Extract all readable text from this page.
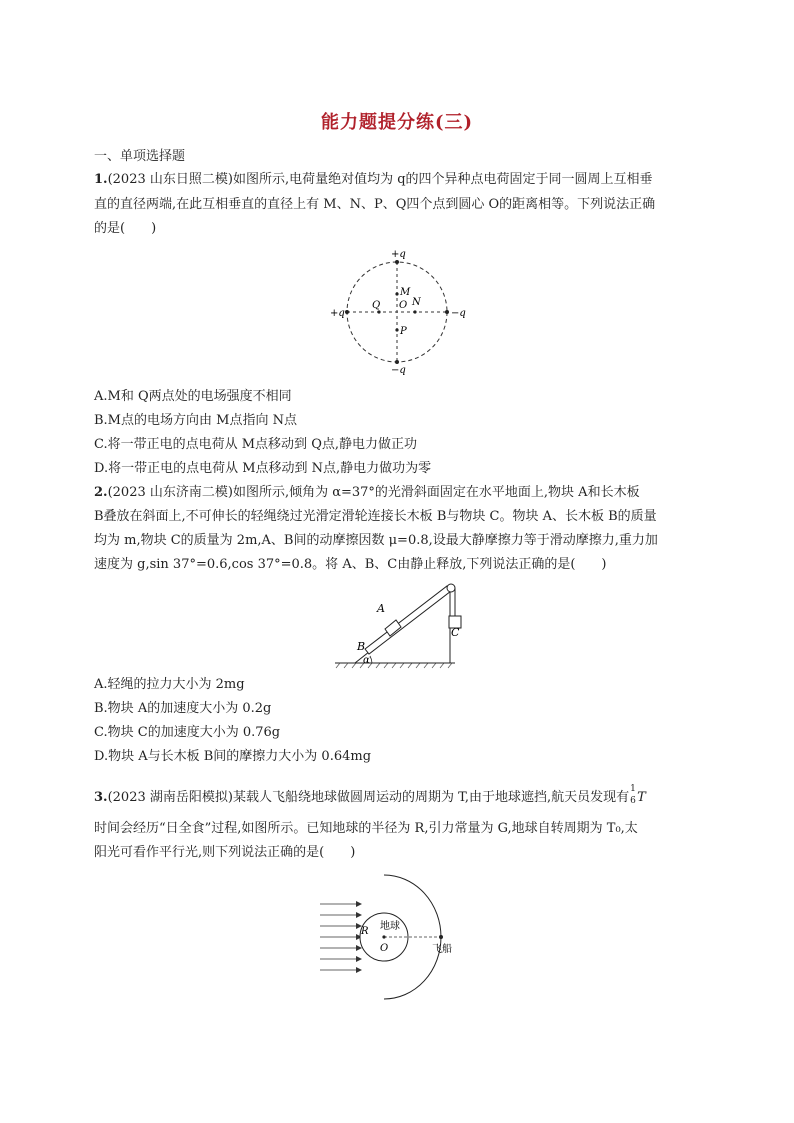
能力题提分练(三)
一、单项选择题
1.(2023 山东日照二模)如图所示,电荷量绝对值均为 q的四个异种点电荷固定于同一圆周上互相垂
直的直径两端,在此互相垂直的直径上有 M、N、P、Q四个点到圆心 O的距离相等。下列说法正确
的是(　　)
+q
+q	−q
−q
M
O N
P
Q
A.M和 Q两点处的电场强度不相同
B.M点的电场方向由 M点指向 N点
C.将一带正电的点电荷从 M点移动到 Q点,静电力做正功
D.将一带正电的点电荷从 M点移动到 N点,静电力做功为零
2.(2023 山东济南二模)如图所示,倾角为 α=37°的光滑斜面固定在水平地面上,物块 A和长木板
B叠放在斜面上,不可伸长的轻绳绕过光滑定滑轮连接长木板 B与物块 C。物块 A、长木板 B的质量
均为 m,物块 C的质量为 2m,A、B间的动摩擦因数 μ=0.8,设最大静摩擦力等于滑动摩擦力,重力加
速度为 g,sin 37°=0.6,cos 37°=0.8。将 A、B、C由静止释放,下列说法正确的是(　　)
A
B
C
α
A.轻绳的拉力大小为 2mg
B.物块 A的加速度大小为 0.2g
C.物块 C的加速度大小为 0.76g
D.物块 A与长木板 B间的摩擦力大小为 0.64mg
3.(2023 湖南岳阳模拟)某载人飞船绕地球做圆周运动的周期为 T,由于地球遮挡,航天员发现有
1
6 T
时间会经历“日全食”过程,如图所示。已知地球的半径为 R,引力常量为 G,地球自转周期为 T₀,太
阳光可看作平行光,则下列说法正确的是(　　)
地球
R
O	飞船
